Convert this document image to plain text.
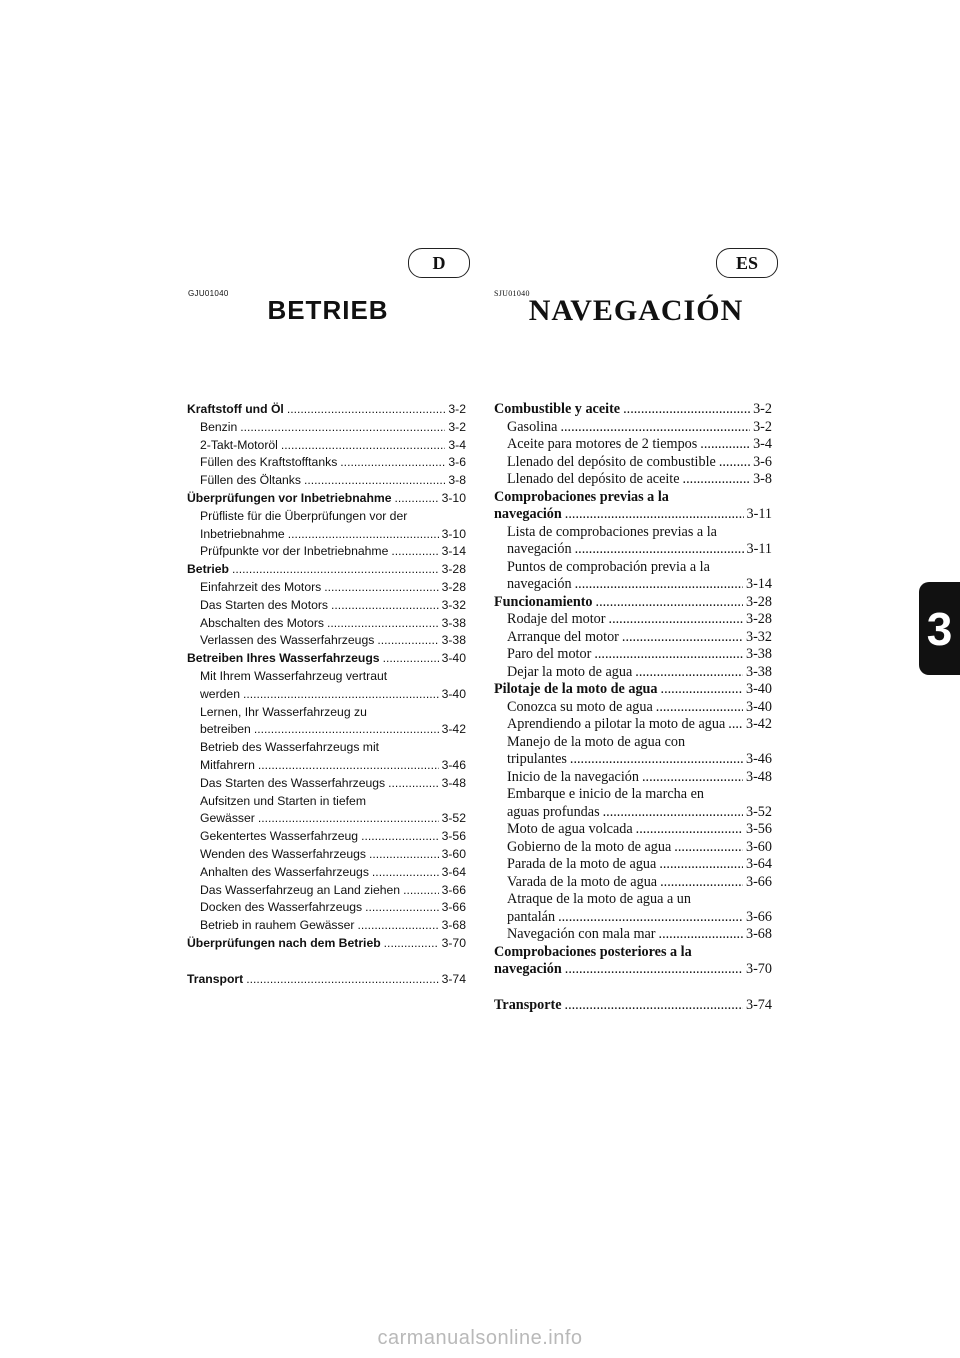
D
GJU01040
BETRIEB
Kraftstoff und Öl .....	3-2
Benzin .....	3-2
2-Takt-Motoröl .....	3-4
Füllen des Kraftstofftanks .....	3-6
Füllen des Öltanks .....	3-8
Überprüfungen vor Inbetriebnahme .....	3-10
Prüfliste für die Überprüfungen vor der
Inbetriebnahme .....	3-10
Prüfpunkte vor der Inbetriebnahme .....	3-14
Betrieb .....	3-28
Einfahrzeit des Motors .....	3-28
Das Starten des Motors .....	3-32
Abschalten des Motors .....	3-38
Verlassen des Wasserfahrzeugs .....	3-38
Betreiben Ihres Wasserfahrzeugs .....	3-40
Mit Ihrem Wasserfahrzeug vertraut
werden .....	3-40
Lernen, Ihr Wasserfahrzeug zu
betreiben .....	3-42
Betrieb des Wasserfahrzeugs mit
Mitfahrern .....	3-46
Das Starten des Wasserfahrzeugs .....	3-48
Aufsitzen und Starten in tiefem
Gewässer .....	3-52
Gekentertes Wasserfahrzeug .....	3-56
Wenden des Wasserfahrzeugs .....	3-60
Anhalten des Wasserfahrzeugs .....	3-64
Das Wasserfahrzeug an Land ziehen .....	3-66
Docken des Wasserfahrzeugs .....	3-66
Betrieb in rauhem Gewässer .....	3-68
Überprüfungen nach dem Betrieb .....	3-70
Transport .....	3-74
ES
SJU01040
NAVEGACIÓN
Combustible y aceite .....	3-2
Gasolina .....	3-2
Aceite para motores de 2 tiempos .....	3-4
Llenado del depósito de combustible .....	3-6
Llenado del depósito de aceite .....	3-8
Comprobaciones previas a la
navegación .....	3-11
Lista de comprobaciones previas a la
navegación .....	3-11
Puntos de comprobación previa a la
navegación .....	3-14
Funcionamiento .....	3-28
Rodaje del motor .....	3-28
Arranque del motor .....	3-32
Paro del motor .....	3-38
Dejar la moto de agua .....	3-38
Pilotaje de la moto de agua .....	3-40
Conozca su moto de agua .....	3-40
Aprendiendo a pilotar la moto de agua ..... 3-42
Manejo de la moto de agua con
tripulantes .....	3-46
Inicio de la navegación .....	3-48
Embarque e inicio de la marcha en
aguas profundas .....	3-52
Moto de agua volcada .....	3-56
Gobierno de la moto de agua .....	3-60
Parada de la moto de agua .....	3-64
Varada de la moto de agua .....	3-66
Atraque de la moto de agua a un
pantalán .....	3-66
Navegación con mala mar .....	3-68
Comprobaciones posteriores a la
navegación .....	3-70
Transporte .....	3-74
3
carmanualsonline.info
